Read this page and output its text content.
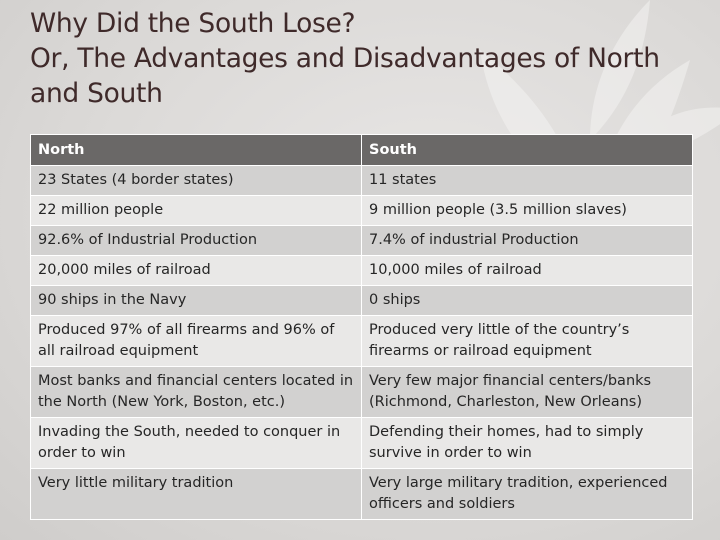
Why Did the South Lose?
Or, The Advantages and Disadvantages of North
and South
North	South
23 States (4 border states)	11 states
22 million people	9 million people (3.5 million slaves)
92.6% of Industrial Production	7.4% of industrial Production
20,000 miles of railroad	10,000 miles of railroad
90 ships in the Navy	0 ships
Produced 97% of all firearms and 96% of all railroad equipment	Produced very little of the country’s firearms or railroad equipment
Most banks and financial centers located in the North (New York, Boston, etc.)	Very few major financial centers/banks (Richmond, Charleston, New Orleans)
Invading the South, needed to conquer in order to win	Defending their homes, had to simply survive in order to win
Very little military tradition	Very large military tradition, experienced officers and soldiers
